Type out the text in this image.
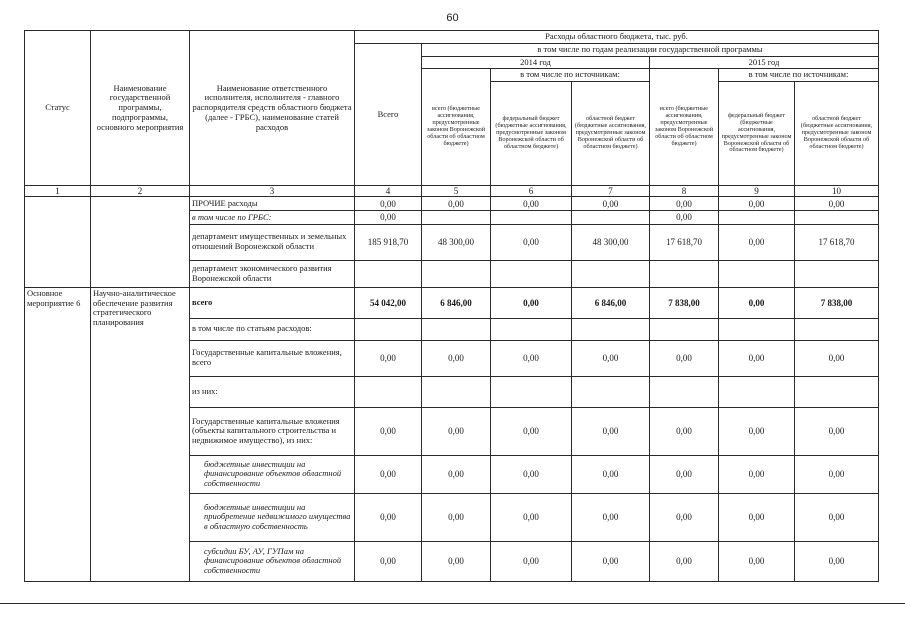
60
Статус	Наименование государственной программы, подпрограммы, основного мероприятия	Наименование ответственного исполнителя, исполнителя - главного распорядителя средств областного бюджета (далее - ГРБС), наименование статей расходов	Расходы областного бюджета, тыс. руб.						
			Всего	в том числе по годам реализации государственной программы					
				2014 год			2015 год		
				всего (бюджетные ассигнования, предусмотренные законом Воронежской области об областном бюджете)	в том числе по источникам:		всего (бюджетные ассигнования, предусмотренные законом Воронежской области об областном бюджете)	в том числе по источникам:	
					федеральный бюджет (бюджетные ассигнования, предусмотренные законом Воронежской области об областном бюджете)	областной бюджет (бюджетные ассигнования, предусмотренные законом Воронежской области об областном бюджете)		федеральный бюджет (бюджетные ассигнования, предусмотренные законом Воронежской области об областном бюджете)	областной бюджет (бюджетные ассигнования, предусмотренные законом Воронежской области об областном бюджете)
1	2	3	4	5	6	7	8	9	10
		ПРОЧИЕ расходы	0,00	0,00	0,00	0,00	0,00	0,00	0,00
		в том числе по ГРБС:	0,00				0,00		
		департамент имущественных и земельных отношений Воронежской области	185 918,70	48 300,00	0,00	48 300,00	17 618,70	0,00	17 618,70
		департамент экономического развития Воронежской области							
Основное мероприятие 6	Научно-аналитическое обеспечение развития стратегического планирования	всего	54 042,00	6 846,00	0,00	6 846,00	7 838,00	0,00	7 838,00
		в том числе по статьям расходов:							
		Государственные капитальные вложения, всего	0,00	0,00	0,00	0,00	0,00	0,00	0,00
		из них:							
		Государственные капитальные вложения (объекты капитального строительства и недвижимое имущество), из них:	0,00	0,00	0,00	0,00	0,00	0,00	0,00
		бюджетные инвестиции на финансирование объектов областной собственности	0,00	0,00	0,00	0,00	0,00	0,00	0,00
		бюджетные инвестиции на приобретение недвижимого имущества в областную собственность	0,00	0,00	0,00	0,00	0,00	0,00	0,00
		субсидии БУ, АУ, ГУПам на финансирование объектов областной собственности	0,00	0,00	0,00	0,00	0,00	0,00	0,00
